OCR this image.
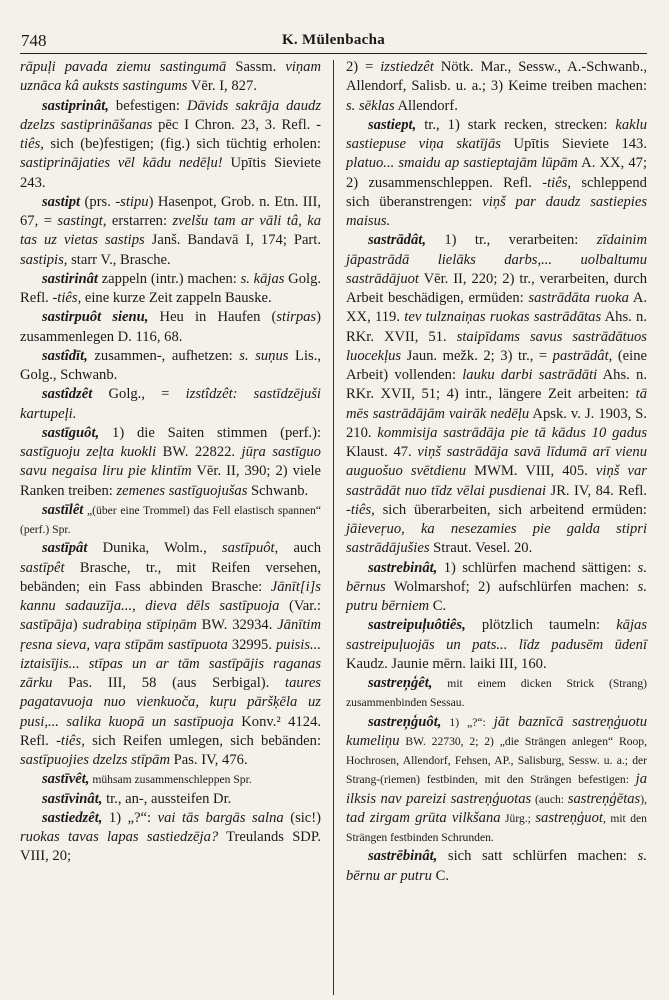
748	K. Mülenbacha

rāpuļi pavada ziemu sastingumā Sassm. viņam uznāca kâ auksts sastingums Vēr. I, 827.

sastiprinât, befestigen: Dāvids sakrāja daudz dzelzs sastiprināšanas pēc I Chron. 23, 3. Refl. -tiês, sich (be)festigen; (fig.) sich tüchtig erholen: sastiprinājaties vēl kādu nedēļu! Upītis Sieviete 243.

sastipt (prs. -stipu) Hasenpot, Grob. n. Etn. III, 67, = sastingt, erstarren: zvelšu tam ar vāli tâ, ka tas uz vietas sastips Janš. Bandavā I, 174; Part. sastipis, starr V., Brasche.

sastirinât zappeln (intr.) machen: s. kājas Golg. Refl. -tiês, eine kurze Zeit zappeln Bauske.

sastirpuôt sienu, Heu in Haufen (stirpas) zusammenlegen D. 116, 68.

sastîdīt, zusammen-, aufhetzen: s. suņus Lis., Golg., Schwanb.

sastîdzêt Golg., = izstîdzêt: sastīdzējuši kartupeļi.

sastīguôt, 1) die Saiten stimmen (perf.): sastīguoju zeļta kuokli BW. 22822. jūŗa sastīguo savu negaisa liru pie klintīm Vēr. II, 390; 2) viele Ranken treiben: zemenes sastīguojušas Schwanb.

sastīlêt „(über eine Trommel) das Fell elastisch spannen“ (perf.) Spr.

sastīpât Dunika, Wolm., sastīpuôt, auch sastīpêt Brasche, tr., mit Reifen versehen, bebänden; ein Fass abbinden Brasche: Jānīt[i]s kannu sadauzīja..., dieva dēls sastīpuoja (Var.: sastīpāja) sudrabiņa stīpiņām BW. 32934. Jānītim ŗesna sieva, vaŗa stīpām sastīpuota 32995. puisis... iztaisījis... stīpas un ar tām sastīpājis raganas zārku Pas. III, 58 (aus Serbigal). taures pagatavuoja nuo vienkuoča, kuŗu pāršķēla uz pusi,... salika kuopā un sastīpuoja Konv.² 4124. Refl. -tiês, sich Reifen umlegen, sich bebänden: sastīpuojies dzelzs stīpām Pas. IV, 476.

sastīvêt, mühsam zusammenschleppen Spr.

sastīvinât, tr., an-, aussteifen Dr.

sastiedzêt, 1) „?“: vai tās bargās salna (sic!) ruokas tavas lapas sastiedzēja? Treulands SDP. VIII, 20;

2) = izstiedzêt Nötk. Mar., Sessw., A.-Schwanb., Allendorf, Salisb. u. a.; 3) Keime treiben machen: s. sēklas Allendorf.

sastiept, tr., 1) stark recken, strecken: kaklu sastiepuse viņa skatījās Upītis Sieviete 143. platuo... smaidu ap sastieptajām lūpām A. XX, 47; 2) zusammenschleppen. Refl. -tiês, schleppend sich überanstrengen: viņš par daudz sastiepies maisus.

sastrādât, 1) tr., verarbeiten: zīdainim jāpastrādā lielāks darbs,... uolbaltumu sastrādājuot Vēr. II, 220; 2) tr., verarbeiten, durch Arbeit beschädigen, ermüden: sastrādāta ruoka A. XX, 119. tev tulznaiņas ruokas sastrādātas Ahs. n. RKr. XVII, 51. staipīdams savus sastrādātuos luocekļus Jaun. mežk. 2; 3) tr., = pastrādât, (eine Arbeit) vollenden: lauku darbi sastrādāti Ahs. n. RKr. XVII, 51; 4) intr., längere Zeit arbeiten: tā mēs sastrādājām vairāk nedēļu Apsk. v. J. 1903, S. 210. kommisija sastrādāja pie tā kādus 10 gadus Klaust. 47. viņš sastrādāja savā līdumā arī vienu auguošuo svētdienu MWM. VIII, 405. viņš var sastrādāt nuo tīdz vēlai pusdienai JR. IV, 84. Refl. -tiês, sich überarbeiten, sich arbeitend ermüden: jāieveŗuo, ka nesezamies pie galda stipri sastrādājušies Straut. Vesel. 20.

sastrebinât, 1) schlürfen machend sättigen: s. bērnus Wolmarshof; 2) aufschlürfen machen: s. putru bērniem C.

sastreipuļuôtiês, plötzlich taumeln: kājas sastreipuļuojās un pats... līdz padusēm ūdenī Kaudz. Jaunie mērn. laiki III, 160.

sastreņģêt, mit einem dicken Strick (Strang) zusammenbinden Sessau.

sastreņģuôt, 1) „?“: jāt baznīcā sastreņģuotu kumeliņu BW. 22730, 2; 2) „die Strängen anlegen“ Roop, Hochrosen, Allendorf, Fehsen, AP., Salisburg, Sessw. u. a.; der Strang-(riemen) festbinden, mit den Strängen befestigen: ja ilksis nav pareizi sastreņģuotas (auch: sastreņģētas), tad zirgam grūta vilkšana Jürg.; sastreņģuot, mit den Strängen festbinden Schrunden.

sastrēbinât, sich satt schlürfen machen: s. bērnu ar putru C.
